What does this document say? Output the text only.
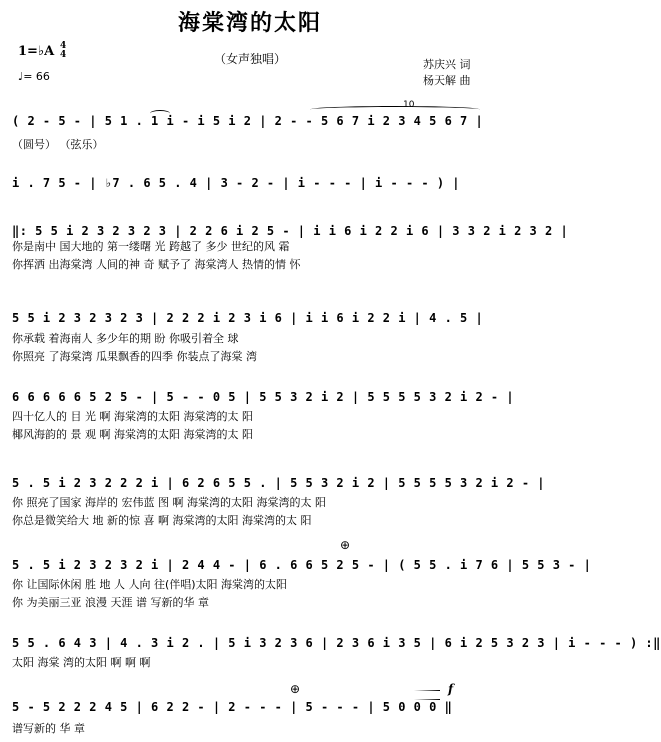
海棠湾的太阳
（女声独唱）
1=♭A 4
4
♩= 66
苏庆兴 词
杨天解 曲
( 2 - 5 - | 5 1 . 1 i - i 5 i 2 | 2 - - 5 6 7 i 2 3 4 5 6 7 |
10
（圆号） （弦乐）
i . 7 5 - | ♭7 . 6 5 . 4 | 3 - 2 - | i - - - | i - - - ) |
‖: 5 5 i 2 3 2 3 2 3 | 2 2 6 i 2 5 - | i i 6 i 2 2 i 6 | 3 3 2 i 2 3 2 |
你是南中 国大地的 第一缕曙 光 跨越了 多少 世纪的风 霜
你挥洒 出海棠湾 人间的神 奇 赋予了 海棠湾人 热情的情 怀
5 5 i 2 3 2 3 2 3 | 2 2 2 i 2 3 i 6 | i i 6 i 2 2 i | 4 . 5 |
你承载 着海南人 多少年的期 盼 你吸引着全 球
你照亮 了海棠湾 瓜果飘香的四季 你装点了海棠 湾
6 6 6 6 6 5 2 5 - | 5 - - 0 5 | 5 5 3 2 i 2 | 5 5 5 5 3 2 i 2 - |
四十亿人的 目 光 啊 海棠湾的太阳 海棠湾的太 阳
椰风海韵的 景 观 啊 海棠湾的太阳 海棠湾的太 阳
5 . 5 i 2 3 2 2 2 i | 6 2 6 5 5 . | 5 5 3 2 i 2 | 5 5 5 5 3 2 i 2 - |
你 照亮了国家 海岸的 宏伟蓝 图 啊 海棠湾的太阳 海棠湾的太 阳
你总是微笑给大 地 新的惊 喜 啊 海棠湾的太阳 海棠湾的太 阳
5 . 5 i 2 3 2 3 2 i | 2 4 4 - | 6 . 6 6 5 2 5 - | ( 5 5 . i 7 6 | 5 5 3 - |
⊕
你 让国际休闲 胜 地 人 人向 往(伴唱)太阳 海棠湾的太阳
你 为美丽三亚 浪漫 天涯 谱 写新的华 章
5 5 . 6 4 3 | 4 . 3 i 2 . | 5 i 3 2 3 6 | 2 3 6 i 3 5 | 6 i 2 5 3 2 3 | i - - - ) :‖
太阳 海棠 湾的太阳 啊 啊 啊
5 - 5 2 2 2 4 5 | 6 2 2 - | 2 - - - | 5 - - - | 5 0 0 0 ‖
⊕	f
谱写新的 华 章
